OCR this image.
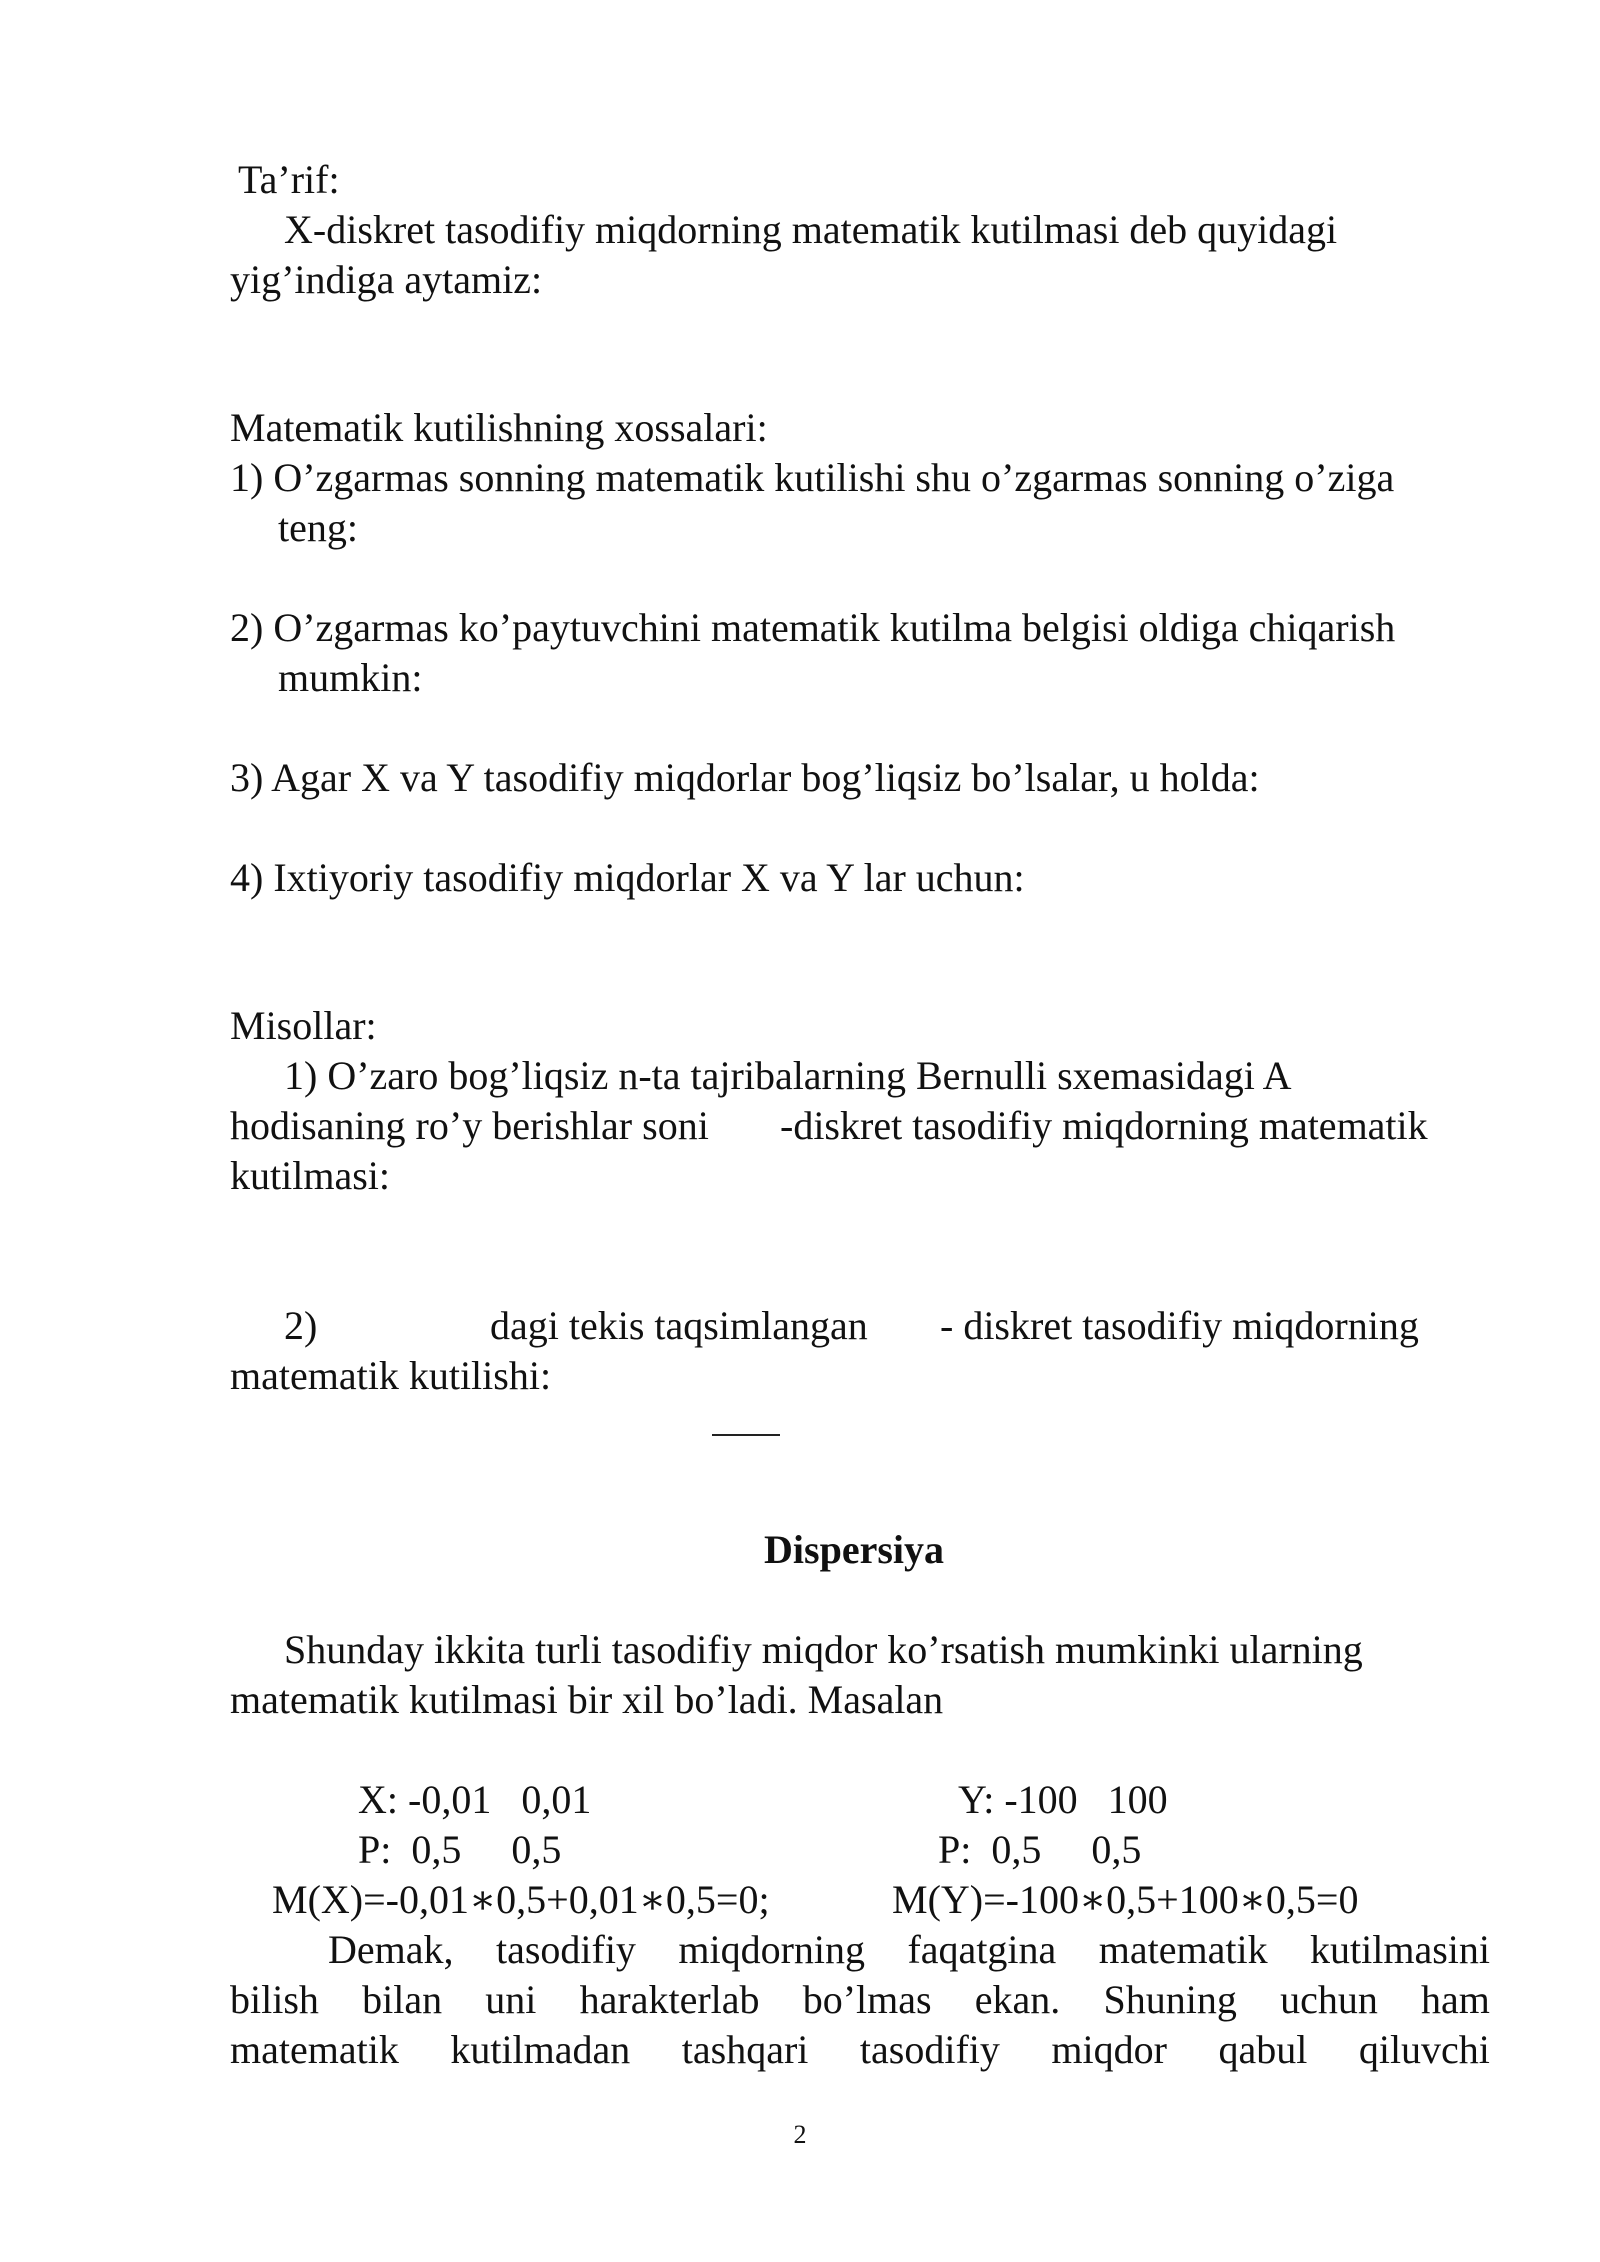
Ta’rif:
X-diskret tasodifiy miqdorning matematik kutilmasi deb quyidagi
yig’indiga aytamiz:
Matematik kutilishning xossalari:
1) O’zgarmas sonning matematik kutilishi shu o’zgarmas sonning o’ziga
teng:
2) O’zgarmas ko’paytuvchini matematik kutilma belgisi oldiga chiqarish
mumkin:
3) Agar X va Y tasodifiy miqdorlar bog’liqsiz bo’lsalar, u holda:
4) Ixtiyoriy tasodifiy miqdorlar X va Y lar uchun:
Misollar:
1) O’zaro bog’liqsiz n-ta tajribalarning Bernulli sxemasidagi A
hodisaning ro’y berishlar soni -diskret tasodifiy miqdorning matematik
kutilmasi:
2)	dagi tekis taqsimlangan - diskret tasodifiy miqdorning
matematik kutilishi:
Dispersiya
Shunday ikkita turli tasodifiy miqdor ko’rsatish mumkinki ularning
matematik kutilmasi bir xil bo’ladi. Masalan
X: -0,01   0,01
P:  0,5     0,5
Y: -100   100
P:  0,5     0,5
M(X)=-0,01∗0,5+0,01∗0,5=0;	M(Y)=-100∗0,5+100∗0,5=0
Demak, tasodifiy miqdorning faqatgina matematik kutilmasini
bilish bilan uni harakterlab bo’lmas ekan. Shuning uchun ham
matematik kutilmadan tashqari tasodifiy miqdor qabul qiluvchi
2
